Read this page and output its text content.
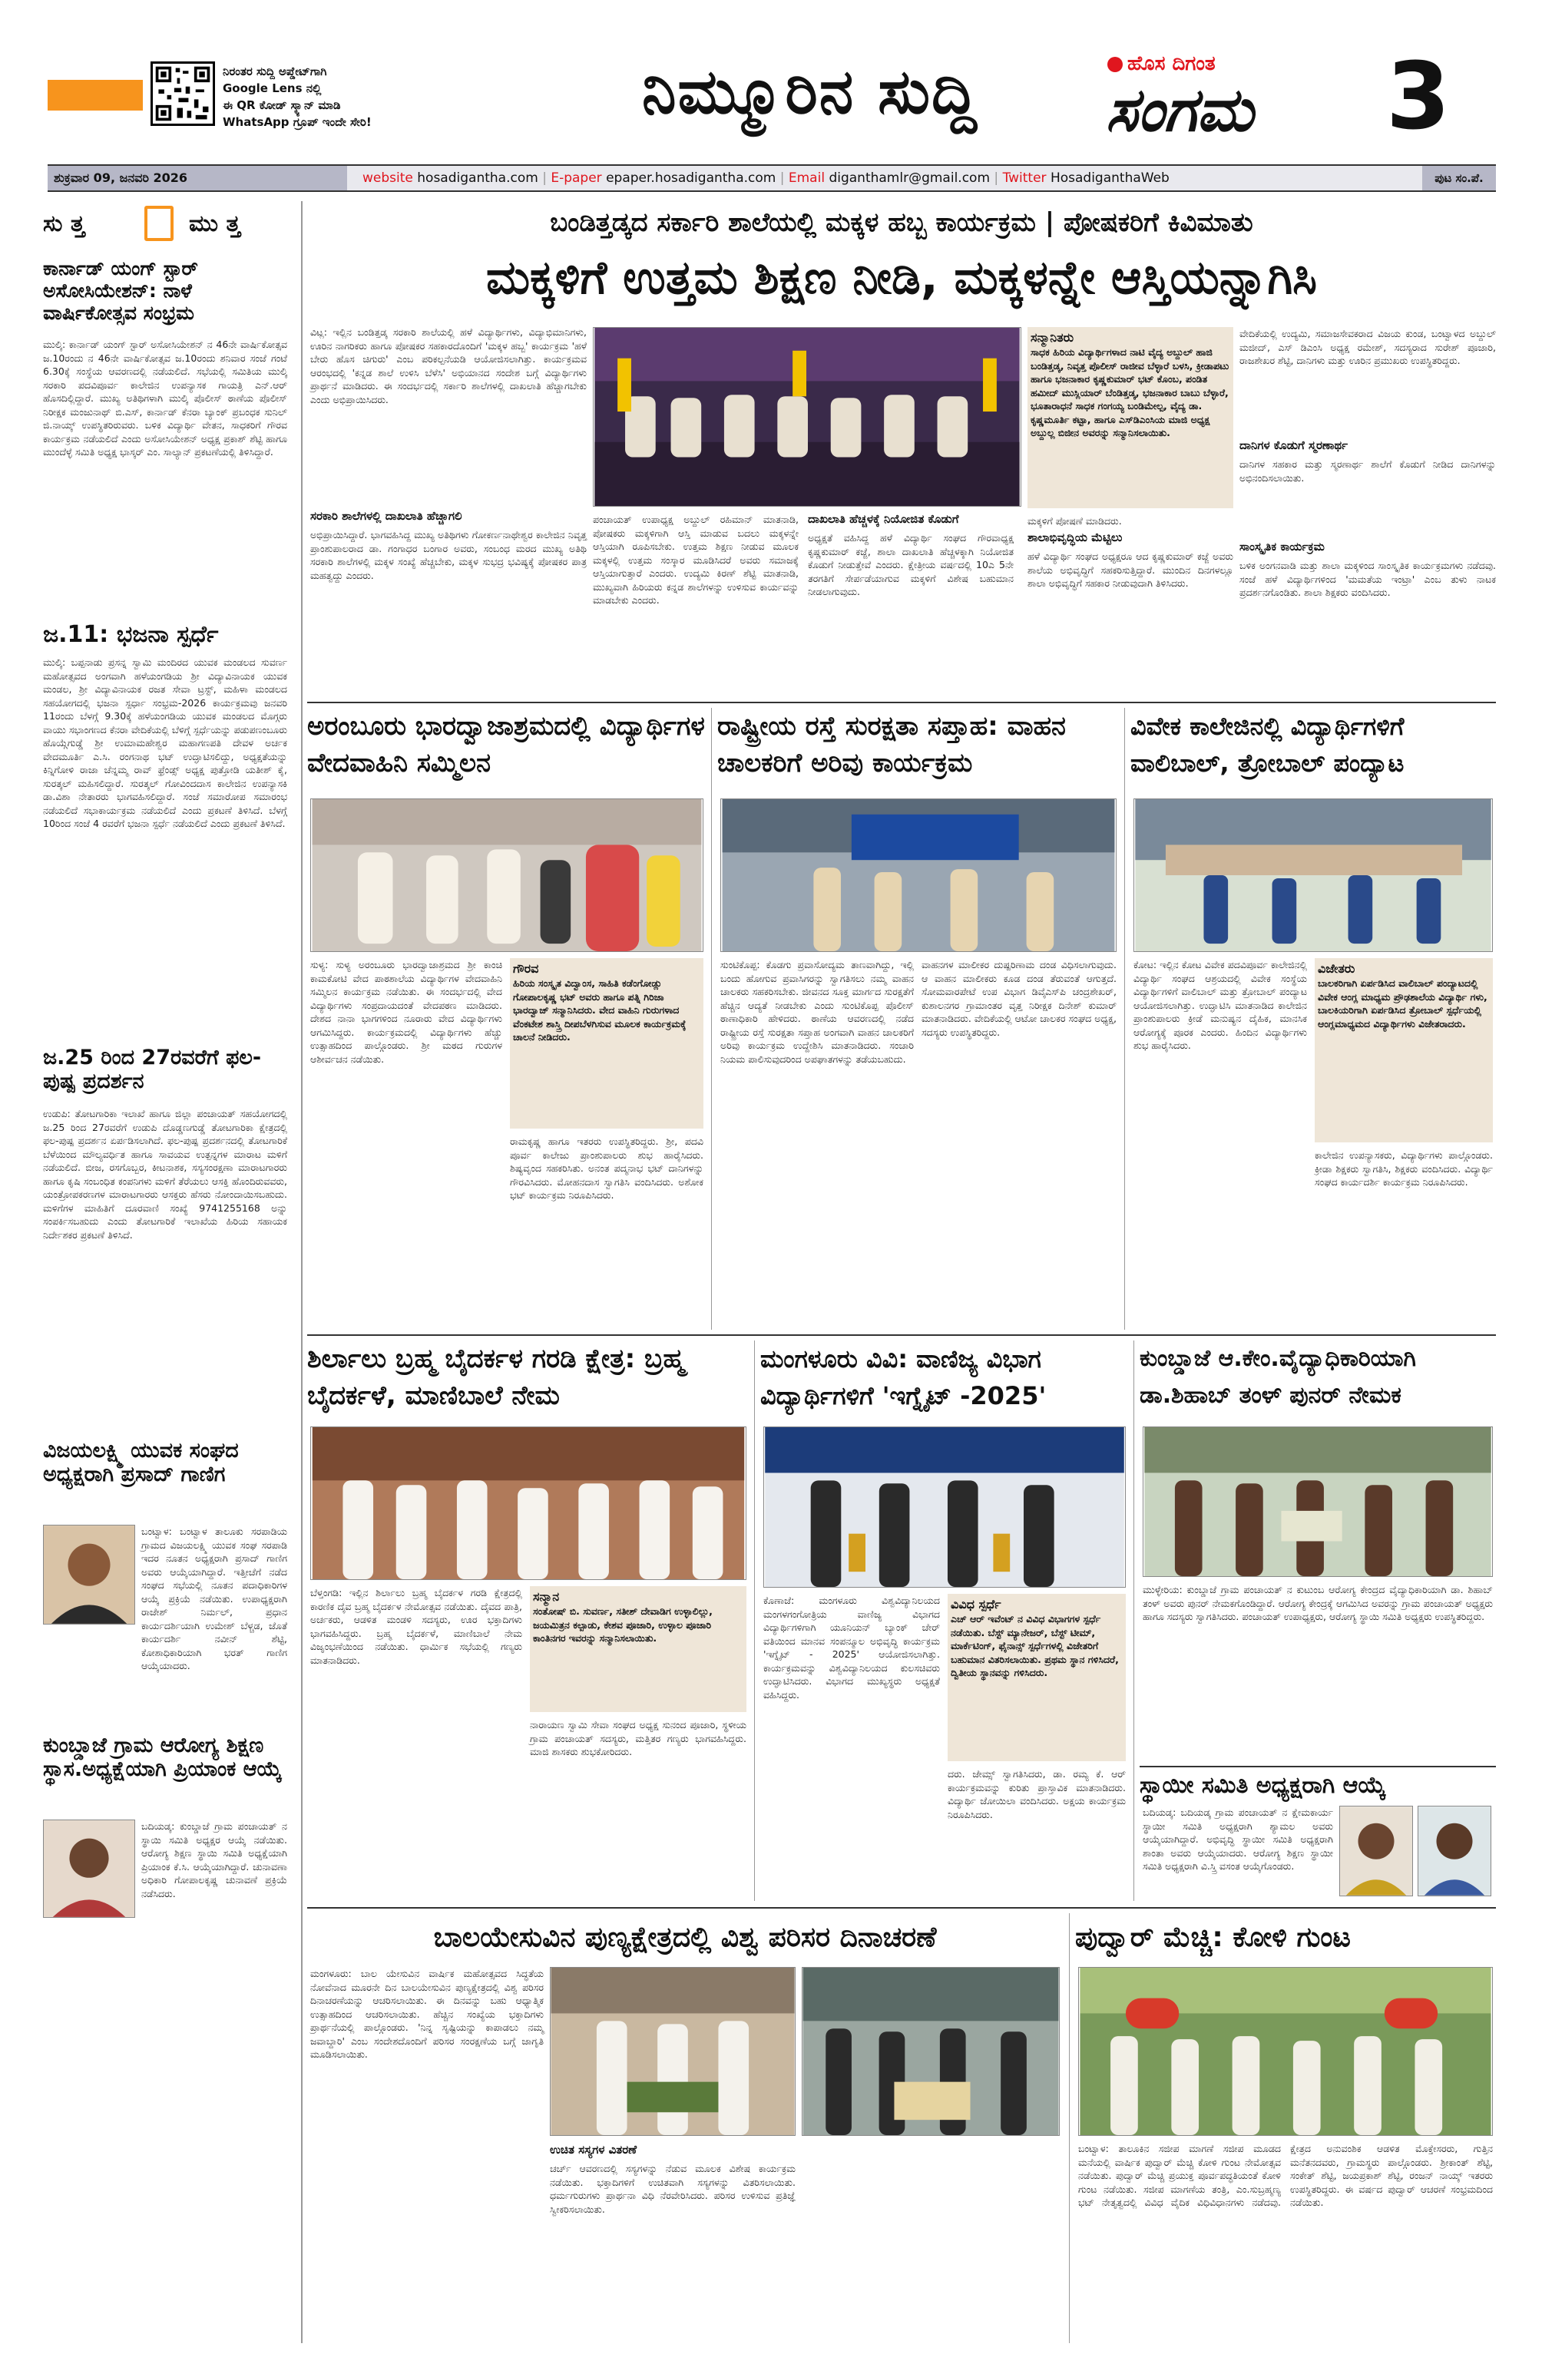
ನಿರಂತರ ಸುದ್ದಿ ಅಪ್ಡೇಟ್‌ಗಾಗಿ
Google Lens ನಲ್ಲಿ
ಈ QR ಕೋಡ್ ಸ್ಕ್ಯಾನ್ ಮಾಡಿ
WhatsApp ಗ್ರೂಪ್ ಇಂದೇ ಸೇರಿ!	ನಿಮ್ಮೂರಿನ ಸುದ್ದಿ	ಹೊಸ ದಿಗಂತ
ಸಂಗಮ 3
ಶುಕ್ರವಾರ 09, ಜನವರಿ 2026	website hosadigantha.com | E-paper epaper.hosadigantha.com | Email diganthamlr@gmail.com | Twitter HosadiganthaWeb	ಪುಟ ಸಂ.ಪೆ.
ಸು ತ್ತ	ಮು ತ್ತ
ಕಾರ್ನಾಡ್ ಯಂಗ್ ಸ್ಟಾರ್ ಅಸೋಸಿಯೇಶನ್: ನಾಳೆ ವಾರ್ಷಿಕೋತ್ಸವ ಸಂಭ್ರಮ
ಮುಲ್ಕಿ: ಕಾರ್ನಾಡ್ ಯಂಗ್ ಸ್ಟಾರ್ ಅಸೋಸಿಯೇಶನ್ ನ 46ನೇ ವಾರ್ಷಿಕೋತ್ಸವ ಜ.10ರಂದು ನ 46ನೇ ವಾರ್ಷಿಕೋತ್ಸವ ಜ.10ರಂದು ಶನಿವಾರ ಸಂಜೆ ಗಂಟೆ 6.30ಕ್ಕೆ ಸಂಸ್ಥೆಯ ಆವರಣದಲ್ಲಿ ನಡೆಯಲಿದೆ. ಸಭೆಯಲ್ಲಿ ಸಮಿತಿಯ ಮುಲ್ಕಿ ಸರಕಾರಿ ಪದವಿಪೂರ್ವ ಕಾಲೇಜಿನ ಉಪನ್ಯಾಸಕ ಗಾಯತ್ರಿ ಎನ್.ಆರ್ ಹೊಸದಿಲ್ಲಿದ್ದಾರೆ. ಮುಖ್ಯ ಅತಿಥಿಗಳಾಗಿ ಮುಲ್ಕಿ ಪೊಲೀಸ್ ಠಾಣೆಯ ಪೊಲೀಸ್ ನಿರೀಕ್ಷಕ ಮಂಜುನಾಥ್ ಬಿ.ಎಸ್, ಕಾರ್ನಾಡ್ ಕೆನರಾ ಬ್ಯಾಂಕ್ ಪ್ರಬಂಧಕ ಸುನಿಲ್ ಜಿ.ನಾಯ್ಕ್ ಉಪಸ್ಥಿತರಿರುವರು. ಬಳಿಕ ವಿದ್ಯಾರ್ಥಿ ವೇತನ, ಸಾಧಕರಿಗೆ ಗೌರವ ಕಾರ್ಯಕ್ರಮ ನಡೆಯಲಿದೆ ಎಂದು ಅಸೋಸಿಯೇಶನ್ ಅಧ್ಯಕ್ಷ ಪ್ರಕಾಶ್ ಶೆಟ್ಟಿ ಹಾಗೂ ಮುಂದೆಳ್ಳೆ ಸಮಿತಿ ಅಧ್ಯಕ್ಷ ಭಾಸ್ಕರ್ ಎಂ. ಸಾಲ್ಯಾನ್ ಪ್ರಕಟಣೆಯಲ್ಲಿ ತಿಳಿಸಿದ್ದಾರೆ.
ಜ.11: ಭಜನಾ ಸ್ಪರ್ಧೆ
ಮುಲ್ಕಿ: ಬಪ್ಪನಾಡು ಪ್ರಸನ್ನ ಸ್ವಾಮಿ ಮಂದಿರದ ಯುವಕ ಮಂಡಲದ ಸುವರ್ಣ ಮಹೋತ್ಸವದ ಅಂಗವಾಗಿ ಹಳೆಯಂಗಡಿಯ ಶ್ರೀ ವಿದ್ಯಾವಿನಾಯಕ ಯುವಕ ಮಂಡಲ, ಶ್ರೀ ವಿದ್ಯಾವಿನಾಯಕ ರಜತ ಸೇವಾ ಟ್ರಸ್ಟ್, ಮಹಿಳಾ ಮಂಡಲದ ಸಹಯೋಗದಲ್ಲಿ ಭಜನಾ ಸ್ಪರ್ಧಾ ಸಂಭ್ರಮ-2026 ಕಾರ್ಯಕ್ರಮವು ಜನವರಿ 11ರಂದು ಬೆಳಗ್ಗೆ 9.30ಕ್ಕೆ ಹಳೆಯಂಗಡಿಯ ಯುವಕ ಮಂಡಲದ ಮೊಗ್ಗರು ವಾಯು ಸಭಾಂಗಣದ ಕೆನರಾ ವೇದಿಕೆಯಲ್ಲಿ ಬೆಳಿಗ್ಗೆ ಸ್ಪರ್ಧೆಯನ್ನು ಪಡುಪಣಂಬೂರು ಹೊಯ್ಗೆಗುಡ್ಡೆ ಶ್ರೀ ಉಮಾಮಹೇಶ್ವರ ಮಹಾಗಣಪತಿ ದೇವಳ ಅರ್ಚಕ ವೇದಮೂರ್ತಿ ಎ.ಸಿ. ರಂಗನಾಥ ಭಟ್ ಉದ್ಘಾಟಿಸಲಿದ್ದು, ಅಧ್ಯಕ್ಷತೆಯನ್ನು ಕಿನ್ನಿಗೋಳಿ ರಾಜಾ ಚೆನ್ನಮ್ಮ ರಾವ್ ಫ್ರೆಂಡ್ಸ್ ಅಧ್ಯಕ್ಷ ಪುತ್ತೋಡಿ ಯತೀಶ್ ಕೈ, ಸುರತ್ಕಲ್ ಮಹಿಸಲಿದ್ದಾರೆ. ಸುರತ್ಕಲ್ ಗೋವಿಂದದಾಸ ಕಾಲೇಜಿನ ಉಪನ್ಯಾಸಕಿ ಡಾ.ವಿಶಾ ನೇತಾರರು ಭಾಗವಹಿಸಲಿದ್ದಾರೆ. ಸಂಜೆ ಸಮಾರೋಪ ಸಮಾರಂಭ ನಡೆಯಲಿದೆ ಸಭಾಕಾರ್ಯಕ್ರಮ ನಡೆಯಲಿದೆ ಎಂದು ಪ್ರಕಟಣೆ ತಿಳಿಸಿದೆ. ಬೆಳಗ್ಗೆ 10ರಿಂದ ಸಂಜೆ 4 ರವರೆಗೆ ಭಜನಾ ಸ್ಪರ್ಧೆ ನಡೆಯಲಿದೆ ಎಂದು ಪ್ರಕಟಣೆ ತಿಳಿಸಿದೆ.
ಜ.25 ರಿಂದ 27ರವರೆಗೆ ಫಲ-ಪುಷ್ಪ ಪ್ರದರ್ಶನ
ಉಡುಪಿ: ತೋಟಗಾರಿಕಾ ಇಲಾಖೆ ಹಾಗೂ ಜಿಲ್ಲಾ ಪಂಚಾಯತ್ ಸಹಯೋಗದಲ್ಲಿ ಜ.25 ರಿಂದ 27ರವರೆಗೆ ಉಡುಪಿ ದೊಡ್ಡಣಗುಡ್ಡೆ ತೋಟಗಾರಿಕಾ ಕ್ಷೇತ್ರದಲ್ಲಿ ಫಲ-ಪುಷ್ಪ ಪ್ರದರ್ಶನ ಏರ್ಪಡಿಸಲಾಗಿದೆ. ಫಲ-ಪುಷ್ಪ ಪ್ರದರ್ಶನದಲ್ಲಿ ತೋಟಗಾರಿಕೆ ಬೆಳೆಯಿಂದ ಮೌಲ್ಯವರ್ಧಿತ ಹಾಗೂ ಸಾವಯವ ಉತ್ಪನ್ನಗಳ ಮಾರಾಟ ಮಳಿಗೆ ನಡೆಯಲಿದೆ. ಬೀಜ, ರಸಗೊಬ್ಬರ, ಕೀಟನಾಶಕ, ಸಸ್ಯಸಂರಕ್ಷಣಾ ಮಾರಾಟಗಾರರು ಹಾಗೂ ಕೃಷಿ ಸಂಬಂಧಿತ ಕಂಪನಿಗಳು ಮಳಿಗೆ ತೆರೆಯಲು ಆಸಕ್ತಿ ಹೊಂದಿರುವವರು, ಯಂತ್ರೋಪಕರಣಗಳ ಮಾರಾಟಗಾರರು ಆಸಕ್ತರು ಹೆಸರು ನೋಂದಾಯಿಸಬಹುದು. ಮಳಿಗೆಗಳ ಮಾಹಿತಿಗೆ ದೂರವಾಣಿ ಸಂಖ್ಯೆ 9741255168 ಅನ್ನು ಸಂಪರ್ಕಿಸಬಹುದು ಎಂದು ತೋಟಗಾರಿಕೆ ಇಲಾಖೆಯ ಹಿರಿಯ ಸಹಾಯಕ ನಿರ್ದೇಶಕರ ಪ್ರಕಟಣೆ ತಿಳಿಸಿದೆ.
ವಿಜಯಲಕ್ಷ್ಮಿ ಯುವಕ ಸಂಘದ ಅಧ್ಯಕ್ಷರಾಗಿ ಪ್ರಸಾದ್ ಗಾಣಿಗ
ಬಂಟ್ವಾಳ: ಬಂಟ್ವಾಳ ತಾಲೂಕು ಸರಪಾಡಿಯ ಗ್ರಾಮದ ವಿಜಯಲಕ್ಷ್ಮಿ ಯುವಕ ಸಂಘ ಸರಪಾಡಿ ಇದರ ನೂತನ ಅಧ್ಯಕ್ಷರಾಗಿ ಪ್ರಸಾದ್ ಗಾಣಿಗ ಅವರು ಆಯ್ಕೆಯಾಗಿದ್ದಾರೆ. ಇತ್ತೀಚೆಗೆ ನಡೆದ ಸಂಘದ ಸಭೆಯಲ್ಲಿ ನೂತನ ಪದಾಧಿಕಾರಿಗಳ ಆಯ್ಕೆ ಪ್ರಕ್ರಿಯೆ ನಡೆಯಿತು. ಉಪಾಧ್ಯಕ್ಷರಾಗಿ ರಾಜೇಶ್ ನಿರ್ಮಲ್, ಪ್ರಧಾನ ಕಾರ್ಯದರ್ಶಿಯಾಗಿ ಉಮೇಶ್ ಬೆಳ್ಚಡ, ಜೊತೆ ಕಾರ್ಯದರ್ಶಿ ನವೀನ್ ಶೆಟ್ಟಿ, ಕೋಶಾಧಿಕಾರಿಯಾಗಿ ಭರತ್ ಗಾಣಿಗ ಆಯ್ಕೆಯಾದರು.
ಕುಂಬ್ಡಾಜೆ ಗ್ರಾಮ ಆರೋಗ್ಯ ಶಿಕ್ಷಣ ಸ್ಥಾಸ.ಅಧ್ಯಕ್ಷೆಯಾಗಿ ಪ್ರಿಯಾಂಕ ಆಯ್ಕೆ
ಬದಿಯಡ್ಕ: ಕುಂಬ್ಡಾಜೆ ಗ್ರಾಮ ಪಂಚಾಯತ್ ನ ಸ್ಥಾಯಿ ಸಮಿತಿ ಅಧ್ಯಕ್ಷರ ಆಯ್ಕೆ ನಡೆಯಿತು. ಆರೋಗ್ಯ ಶಿಕ್ಷಣ ಸ್ಥಾಯಿ ಸಮಿತಿ ಅಧ್ಯಕ್ಷೆಯಾಗಿ ಪ್ರಿಯಾಂಕ ಕೆ.ಸಿ. ಆಯ್ಕೆಯಾಗಿದ್ದಾರೆ. ಚುನಾವಣಾ ಅಧಿಕಾರಿ ಗೋಪಾಲಕೃಷ್ಣ ಚುನಾವಣೆ ಪ್ರಕ್ರಿಯೆ ನಡೆಸಿದರು.
ಬಂಡಿತ್ತಡ್ಕದ ಸರ್ಕಾರಿ ಶಾಲೆಯಲ್ಲಿ ಮಕ್ಕಳ ಹಬ್ಬ ಕಾರ್ಯಕ್ರಮ | ಪೋಷಕರಿಗೆ ಕಿವಿಮಾತು
ಮಕ್ಕಳಿಗೆ ಉತ್ತಮ ಶಿಕ್ಷಣ ನೀಡಿ, ಮಕ್ಕಳನ್ನೇ ಆಸ್ತಿಯನ್ನಾಗಿಸಿ
ವಿಟ್ಲ: ಇಲ್ಲಿನ ಬಂಡಿತ್ತಡ್ಕ ಸರಕಾರಿ ಶಾಲೆಯಲ್ಲಿ ಹಳೆ ವಿದ್ಯಾರ್ಥಿಗಳು, ವಿದ್ಯಾಭಿಮಾನಿಗಳು, ಊರಿನ ನಾಗರಿಕರು ಹಾಗೂ ಪೋಷಕರ ಸಹಕಾರದೊಂದಿಗೆ 'ಮಕ್ಕಳ ಹಬ್ಬ' ಕಾರ್ಯಕ್ರಮ 'ಹಳೆ ಬೇರು ಹೊಸ ಚಿಗುರು' ಎಂಬ ಪರಿಕಲ್ಪನೆಯಡಿ ಆಯೋಜಿಸಲಾಗಿತ್ತು. ಕಾರ್ಯಕ್ರಮವ ಆರಂಭದಲ್ಲಿ 'ಕನ್ನಡ ಶಾಲೆ ಉಳಿಸಿ ಬೆಳೆಸಿ' ಅಭಿಯಾನದ ಸಂದೇಶ ಬಗ್ಗೆ ವಿದ್ಯಾರ್ಥಿಗಳು ಪ್ರಾರ್ಥನೆ ಮಾಡಿದರು. ಈ ಸಂದರ್ಭದಲ್ಲಿ ಸರ್ಕಾರಿ ಶಾಲೆಗಳಲ್ಲಿ ದಾಖಲಾತಿ ಹೆಚ್ಚಾಗಬೇಕು ಎಂದು ಅಭಿಪ್ರಾಯಿಸಿದರು.
ಸರಕಾರಿ ಶಾಲೆಗಳಲ್ಲಿ ದಾಖಲಾತಿ ಹೆಚ್ಚಾಗಲಿ
ಅಭಿಪ್ರಾಯಿಸಿದ್ದಾರೆ. ಭಾಗವಹಿಸಿದ್ದ ಮುಖ್ಯ ಅತಿಥಿಗಳು ಗೋಕರ್ಣನಾಥೇಶ್ವರ ಕಾಲೇಜಿನ ನಿವೃತ್ತ ಪ್ರಾಂಶುಪಾಲರಾದ ಡಾ. ಗಂಗಾಧರ ಬಂಗಾರ ಅವರು, ಸಂಬಂಧ ಮರದ ಮುಖ್ಯ ಅತಿಥಿ ಸರಕಾರಿ ಶಾಲೆಗಳಲ್ಲಿ ಮಕ್ಕಳ ಸಂಖ್ಯೆ ಹೆಚ್ಚಬೇಕು, ಮಕ್ಕಳ ಸುಭದ್ರ ಭವಿಷ್ಯಕ್ಕೆ ಪೋಷಕರ ಪಾತ್ರ ಮಹತ್ವದ್ದು ಎಂದರು.
ಪಂಚಾಯತ್ ಉಪಾಧ್ಯಕ್ಷ ಅಬ್ದುಲ್ ರಹಿಮಾನ್ ಮಾತನಾಡಿ, ಪೋಷಕರು ಮಕ್ಕಳಿಗಾಗಿ ಆಸ್ತಿ ಮಾಡುವ ಬದಲು ಮಕ್ಕಳನ್ನೇ ಆಸ್ತಿಯಾಗಿ ರೂಪಿಸಬೇಕು. ಉತ್ತಮ ಶಿಕ್ಷಣ ನೀಡುವ ಮೂಲಕ ಮಕ್ಕಳಲ್ಲಿ ಉತ್ತಮ ಸಂಸ್ಕಾರ ಮೂಡಿಸಿದರೆ ಅವರು ಸಮಾಜಕ್ಕೆ ಆಸ್ತಿಯಾಗುತ್ತಾರೆ ಎಂದರು. ಉದ್ಯಮಿ ಕಿರಣ್ ಶೆಟ್ಟಿ ಮಾತನಾಡಿ, ಮುಖ್ಯವಾಗಿ ಹಿರಿಯರು ಕನ್ನಡ ಶಾಲೆಗಳನ್ನು ಉಳಿಸುವ ಕಾರ್ಯವನ್ನು ಮಾಡಬೇಕು ಎಂದರು.
ದಾಖಲಾತಿ ಹೆಚ್ಚಳಕ್ಕೆ ನಿಯೋಜಿತ ಕೊಡುಗೆ
ಅಧ್ಯಕ್ಷತೆ ವಹಿಸಿದ್ದ ಹಳೆ ವಿದ್ಯಾರ್ಥಿ ಸಂಘದ ಗೌರವಾಧ್ಯಕ್ಷ ಕೃಷ್ಣಕುಮಾರ್ ಕಜ್ಜೆ, ಶಾಲಾ ದಾಖಲಾತಿ ಹೆಚ್ಚಳಕ್ಕಾಗಿ ನಿಯೋಜಿತ ಕೊಡುಗೆ ನೀಡುತ್ತೇವೆ ಎಂದರು. ಕ್ಷೇತ್ರೀಯ ವರ್ಷದಲ್ಲಿ 10ಎ 5ನೇ ತರಗತಿಗೆ ಸೇರ್ಪಡೆಯಾಗುವ ಮಕ್ಕಳಿಗೆ ವಿಶೇಷ ಬಹುಮಾನ ನೀಡಲಾಗುವುದು.
ಸನ್ಮಾನಿತರು
ಸಾಧಕ ಹಿರಿಯ ವಿದ್ಯಾರ್ಥಿಗಳಾದ ನಾಟಿ ವೈದ್ಯ ಅಬ್ದುಲ್ ಹಾಜಿ ಬಂಡಿತ್ತಡ್ಕ, ನಿವೃತ್ತ ಪೊಲೀಸ್ ರಾಜೀವ ಬೆಳ್ಳಾರೆ ಬಳಸಿ, ಕ್ರೀಡಾಪಟು ಹಾಗೂ ಭಜನಾಕಾರ ಕೃಷ್ಣಕುಮಾರ್ ಭಟ್ ಕೊಂಬ, ಪಂಡಿತ ಹಮೀದ್ ಮುಸ್ಲಿಯಾರ್ ಬೆಂಡಿತ್ತಡ್ಕ, ಭಜನಾಕಾರ ಬಾಬು ಬೆಳ್ಳಾರೆ, ಭೂತಾರಾಧನೆ ಸಾಧಕ ಗಂಗಯ್ಯ ಬಂಡಿಮೇಲ್ಪ, ವೈದ್ಯ ಡಾ. ಕೃಷ್ಣಮೂರ್ತಿ ಕಟ್ಟಾ, ಹಾಗೂ ಎಸ್‌ಡಿಎಂಸಿಯ ಮಾಜಿ ಅಧ್ಯಕ್ಷ ಅಬ್ದುಲ್ಲ ಬಿಜೀನ ಅವರನ್ನು ಸನ್ಮಾನಿಸಲಾಯಿತು.
ಮಕ್ಕಳಿಗೆ ಪೋಷಣೆ ಮಾಡಿದರು.
ಶಾಲಾಭಿವೃದ್ಧಿಯ ಮೆಟ್ಟಿಲು
ಹಳೆ ವಿದ್ಯಾರ್ಥಿ ಸಂಘದ ಅಧ್ಯಕ್ಷರೂ ಆದ ಕೃಷ್ಣಕುಮಾರ್ ಕಜ್ಜೆ ಅವರು ಶಾಲೆಯ ಅಭಿವೃದ್ಧಿಗೆ ಸಹಕರಿಸುತ್ತಿದ್ದಾರೆ. ಮುಂದಿನ ದಿನಗಳಲ್ಲೂ ಶಾಲಾ ಅಭಿವೃದ್ಧಿಗೆ ಸಹಕಾರ ನೀಡುವುದಾಗಿ ತಿಳಿಸಿದರು.
ವೇದಿಕೆಯಲ್ಲಿ ಉದ್ಯಮಿ, ಸಮಾಜಸೇವಕರಾದ ವಿಜಯ ಕುಂಡ, ಬಂಟ್ವಾಳದ ಅಬ್ದುಲ್ ಮಜೀದ್, ಎಸ್ ಡಿಎಂಸಿ ಅಧ್ಯಕ್ಷ ರಮೇಶ್, ಸದಸ್ಯರಾದ ಸುರೇಶ್ ಪೂಜಾರಿ, ರಾಜಶೇಖರ ಶೆಟ್ಟಿ, ದಾನಿಗಳು ಮತ್ತು ಊರಿನ ಪ್ರಮುಖರು ಉಪಸ್ಥಿತರಿದ್ದರು.
ದಾನಿಗಳ ಕೊಡುಗೆ ಸ್ಮರಣಾರ್ಥ
ದಾನಿಗಳ ಸಹಕಾರ ಮತ್ತು ಸ್ಮರಣಾರ್ಥ ಶಾಲೆಗೆ ಕೊಡುಗೆ ನೀಡಿದ ದಾನಿಗಳನ್ನು ಅಭಿನಂದಿಸಲಾಯಿತು.
ಸಾಂಸ್ಕೃತಿಕ ಕಾರ್ಯಕ್ರಮ
ಬಳಿಕ ಅಂಗನವಾಡಿ ಮತ್ತು ಶಾಲಾ ಮಕ್ಕಳಿಂದ ಸಾಂಸ್ಕೃತಿಕ ಕಾರ್ಯಕ್ರಮಗಳು ನಡೆದವು. ಸಂಜೆ ಹಳೆ ವಿದ್ಯಾರ್ಥಿಗಳಿಂದ 'ಮಮತೆಯ ಇಂಟ್ರಾ' ಎಂಬ ತುಳು ನಾಟಕ ಪ್ರದರ್ಶನಗೊಂಡಿತು. ಶಾಲಾ ಶಿಕ್ಷಕರು ವಂದಿಸಿದರು.
ಅರಂಬೂರು ಭಾರದ್ವಾಜಾಶ್ರಮದಲ್ಲಿ ವಿದ್ಯಾರ್ಥಿಗಳ ವೇದವಾಹಿನಿ ಸಮ್ಮಿಲನ
ಸುಳ್ಯ: ಸುಳ್ಯ ಅರಂಬೂರು ಭಾರದ್ವಾಜಾಶ್ರಮದ ಶ್ರೀ ಕಾಂಚಿ ಕಾಮಕೋಟಿ ವೇದ ಪಾಠಶಾಲೆಯ ವಿದ್ಯಾರ್ಥಿಗಳ ವೇದವಾಹಿನಿ ಸಮ್ಮಿಲನ ಕಾರ್ಯಕ್ರಮ ನಡೆಯಿತು. ಈ ಸಂದರ್ಭದಲ್ಲಿ ವೇದ ವಿದ್ಯಾರ್ಥಿಗಳು ಸಂಪ್ರದಾಯದಂತೆ ವೇದಪಠಣ ಮಾಡಿದರು. ದೇಶದ ನಾನಾ ಭಾಗಗಳಿಂದ ನೂರಾರು ವೇದ ವಿದ್ಯಾರ್ಥಿಗಳು ಆಗಮಿಸಿದ್ದರು. ಕಾರ್ಯಕ್ರಮದಲ್ಲಿ ವಿದ್ಯಾರ್ಥಿಗಳು ಹೆಚ್ಚು ಉತ್ಸಾಹದಿಂದ ಪಾಲ್ಗೊಂಡರು. ಶ್ರೀ ಮಠದ ಗುರುಗಳ ಆಶೀರ್ವಚನ ನಡೆಯಿತು.
ಗೌರವ
ಹಿರಿಯ ಸಂಸ್ಕೃತ ವಿದ್ವಾಂಸ, ಸಾಹಿತಿ ಕಡೆಂಗೋಡ್ಲು ಗೋಪಾಲಕೃಷ್ಣ ಭಟ್ ಅವರು ಹಾಗೂ ಪತ್ನಿ ಗಿರಿಜಾ ಭಾರದ್ವಾಜ್ ಸನ್ಮಾನಿಸಿದರು. ವೇದ ವಾಹಿನಿ ಗುರುಗಳಾದ ವೆಂಕಟೇಶ ಶಾಸ್ತ್ರಿ ದೀಪಬೆಳಗಿಸುವ ಮೂಲಕ ಕಾರ್ಯಕ್ರಮಕ್ಕೆ ಚಾಲನೆ ನೀಡಿದರು.
ರಾಮಕೃಷ್ಣ ಹಾಗೂ ಇತರರು ಉಪಸ್ಥಿತರಿದ್ದರು. ಶ್ರೀ, ಪದವಿ ಪೂರ್ವ ಕಾಲೇಜು ಪ್ರಾಂಶುಪಾಲರು ಶುಭ ಹಾರೈಸಿದರು. ಶಿಷ್ಯವೃಂದ ಸಹಕರಿಸಿತು. ಅನಂತ ಪದ್ಮನಾಭ ಭಟ್ ದಾನಿಗಳನ್ನು ಗೌರವಿಸಿದರು. ಮೋಹನದಾಸ ಸ್ವಾಗತಿಸಿ ವಂದಿಸಿದರು. ಅಶೋಕ ಭಟ್ ಕಾರ್ಯಕ್ರಮ ನಿರೂಪಿಸಿದರು.
ರಾಷ್ಟ್ರೀಯ ರಸ್ತೆ ಸುರಕ್ಷತಾ ಸಪ್ತಾಹ: ವಾಹನ ಚಾಲಕರಿಗೆ ಅರಿವು ಕಾರ್ಯಕ್ರಮ
ಸುಂಟಿಕೊಪ್ಪ: ಕೊಡಗು ಪ್ರವಾಸೋದ್ಯಮ ತಾಣವಾಗಿದ್ದು, ಇಲ್ಲಿ ಬಂದು ಹೋಗುವ ಪ್ರವಾಸಿಗರನ್ನು ಸ್ವಾಗತಿಸಲು ನಮ್ಮ ವಾಹನ ಚಾಲಕರು ಸಹಕರಿಸಬೇಕು. ಜೀವನದ ಸೂಕ್ತ ಮಾರ್ಗದ ಸುರಕ್ಷತೆಗೆ ಹೆಚ್ಚಿನ ಆದ್ಯತೆ ನೀಡಬೇಕು ಎಂದು ಸುಂಟಿಕೊಪ್ಪ ಪೊಲೀಸ್ ಠಾಣಾಧಿಕಾರಿ ಹೇಳಿದರು. ಠಾಣೆಯ ಆವರಣದಲ್ಲಿ ನಡೆದ ರಾಷ್ಟ್ರೀಯ ರಸ್ತೆ ಸುರಕ್ಷತಾ ಸಪ್ತಾಹ ಅಂಗವಾಗಿ ವಾಹನ ಚಾಲಕರಿಗೆ ಅರಿವು ಕಾರ್ಯಕ್ರಮ ಉದ್ದೇಶಿಸಿ ಮಾತನಾಡಿದರು. ಸಂಚಾರಿ ನಿಯಮ ಪಾಲಿಸುವುದರಿಂದ ಅಪಘಾತಗಳನ್ನು ತಡೆಯಬಹುದು.
ವಾಹನಗಳ ಮಾಲೀಕರ ದುಷ್ಪರಿಣಾಮ ದಂಡ ವಿಧಿಸಲಾಗುವುದು. ಆ ವಾಹನ ಮಾಲೀಕರು ಕೂಡ ದಂಡ ತೆರುವಂತೆ ಆಗುತ್ತದೆ. ಸೋಮವಾರಪೇಟೆ ಉಪ ವಿಭಾಗ ಡಿವೈಎಸ್‌ಪಿ ಚಂದ್ರಶೇಖರ್, ಕುಶಾಲನಗರ ಗ್ರಾಮಾಂತರ ವೃತ್ತ ನಿರೀಕ್ಷಕ ದಿನೇಶ್ ಕುಮಾರ್ ಮಾತನಾಡಿದರು. ವೇದಿಕೆಯಲ್ಲಿ ಆಟೋ ಚಾಲಕರ ಸಂಘದ ಅಧ್ಯಕ್ಷ, ಸದಸ್ಯರು ಉಪಸ್ಥಿತರಿದ್ದರು.
ವಿವೇಕ ಕಾಲೇಜಿನಲ್ಲಿ ವಿದ್ಯಾರ್ಥಿಗಳಿಗೆ ವಾಲಿಬಾಲ್, ತ್ರೋಬಾಲ್ ಪಂದ್ಯಾಟ
ಕೋಟ: ಇಲ್ಲಿನ ಕೋಟ ವಿವೇಕ ಪದವಿಪೂರ್ವ ಕಾಲೇಜಿನಲ್ಲಿ ವಿದ್ಯಾರ್ಥಿ ಸಂಘದ ಆಶ್ರಯದಲ್ಲಿ ವಿವೇಕ ಸಂಸ್ಥೆಯ ವಿದ್ಯಾರ್ಥಿಗಳಿಗೆ ವಾಲಿಬಾಲ್ ಮತ್ತು ತ್ರೋಬಾಲ್ ಪಂದ್ಯಾಟ ಆಯೋಜಿಸಲಾಗಿತ್ತು. ಉದ್ಘಾಟಿಸಿ ಮಾತನಾಡಿದ ಕಾಲೇಜಿನ ಪ್ರಾಂಶುಪಾಲರು ಕ್ರೀಡೆ ಮನುಷ್ಯನ ದೈಹಿಕ, ಮಾನಸಿಕ ಆರೋಗ್ಯಕ್ಕೆ ಪೂರಕ ಎಂದರು. ಹಿಂದಿನ ವಿದ್ಯಾರ್ಥಿಗಳು ಶುಭ ಹಾರೈಸಿದರು.
ವಿಜೇತರು
ಬಾಲಕರಿಗಾಗಿ ಏರ್ಪಡಿಸಿದ ವಾಲಿಬಾಲ್ ಪಂದ್ಯಾಟದಲ್ಲಿ ವಿವೇಕ ಆಂಗ್ಲ ಮಾಧ್ಯಮ ಪ್ರೌಢಶಾಲೆಯ ವಿದ್ಯಾರ್ಥಿ ಗಳು, ಬಾಲಕಿಯರಿಗಾಗಿ ಏರ್ಪಡಿಸಿದ ತ್ರೋಬಾಲ್ ಸ್ಪರ್ಧೆಯಲ್ಲಿ ಆಂಗ್ಲಮಾಧ್ಯಮದ ವಿದ್ಯಾರ್ಥಿಗಳು ವಿಜೇತರಾದರು.
ಕಾಲೇಜಿನ ಉಪನ್ಯಾಸಕರು, ವಿದ್ಯಾರ್ಥಿಗಳು ಪಾಲ್ಗೊಂಡರು. ಕ್ರೀಡಾ ಶಿಕ್ಷಕರು ಸ್ವಾಗತಿಸಿ, ಶಿಕ್ಷಕರು ವಂದಿಸಿದರು. ವಿದ್ಯಾರ್ಥಿ ಸಂಘದ ಕಾರ್ಯದರ್ಶಿ ಕಾರ್ಯಕ್ರಮ ನಿರೂಪಿಸಿದರು.
ಶಿರ್ಲಾಲು ಬ್ರಹ್ಮ ಬೈದರ್ಕಳ ಗರಡಿ ಕ್ಷೇತ್ರ: ಬ್ರಹ್ಮ ಬೈದರ್ಕಳೆ, ಮಾಣಿಬಾಲೆ ನೇಮ
ಬೆಳ್ತಂಗಡಿ: ಇಲ್ಲಿನ ಶಿರ್ಲಾಲು ಬ್ರಹ್ಮ ಬೈದರ್ಕಳ ಗರಡಿ ಕ್ಷೇತ್ರದಲ್ಲಿ ಕಾರಣಿಕ ದೈವ ಬ್ರಹ್ಮ ಬೈದರ್ಕಳ ನೇಮೋತ್ಸವ ನಡೆಯಿತು. ದೈವದ ಪಾತ್ರಿ, ಅರ್ಚಕರು, ಆಡಳಿತ ಮಂಡಳಿ ಸದಸ್ಯರು, ಊರ ಭಕ್ತಾದಿಗಳು ಭಾಗವಹಿಸಿದ್ದರು. ಬ್ರಹ್ಮ ಬೈದರ್ಕಳೆ, ಮಾಣಿಬಾಲೆ ನೇಮ ವಿಜೃಂಭಣೆಯಿಂದ ನಡೆಯಿತು. ಧಾರ್ಮಿಕ ಸಭೆಯಲ್ಲಿ ಗಣ್ಯರು ಮಾತನಾಡಿದರು.
ಸನ್ಮಾನ
ಸಂತೋಷ್ ಬಿ. ಸುವರ್ಣ, ಸತೀಶ್ ದೇವಾಡಿಗ ಉಳ್ಳಾಲಿಲ್ಲು, ಜಯಮಿತ್ರನ ಕಲ್ಪಾಡು, ಕೇಶವ ಪೂಜಾರಿ, ಉಳ್ಳಾಲ ಪೂಜಾರಿ ಕಾಂತಿನಗರ ಇವರನ್ನು ಸನ್ಮಾನಿಸಲಾಯಿತು.
ನಾರಾಯಣ ಸ್ವಾಮಿ ಸೇವಾ ಸಂಘದ ಅಧ್ಯಕ್ಷ ಸುನಂದ ಪೂಜಾರಿ, ಸ್ಥಳೀಯ ಗ್ರಾಮ ಪಂಚಾಯತ್ ಸದಸ್ಯರು, ಮತ್ತಿತರ ಗಣ್ಯರು ಭಾಗವಹಿಸಿದ್ದರು. ಮಾಜಿ ಶಾಸಕರು ಶುಭಕೋರಿದರು.
ಮಂಗಳೂರು ವಿವಿ: ವಾಣಿಜ್ಯ ವಿಭಾಗ ವಿದ್ಯಾರ್ಥಿಗಳಿಗೆ 'ಇಗ್ನೈಟ್ -2025'
ಕೊಣಾಜೆ: ಮಂಗಳೂರು ವಿಶ್ವವಿದ್ಯಾನಿಲಯದ ಮಂಗಳಗಂಗೋತ್ರಿಯ ವಾಣಿಜ್ಯ ವಿಭಾಗದ ವಿದ್ಯಾರ್ಥಿಗಳಿಗಾಗಿ ಯೂನಿಯನ್ ಬ್ಯಾಂಕ್ ಚೇರ್ ವತಿಯಿಂದ ಮಾನವ ಸಂಪನ್ಮೂಲ ಅಭಿವೃದ್ಧಿ ಕಾರ್ಯಕ್ರಮ 'ಇಗ್ನೈಟ್ - 2025' ಆಯೋಜಿಸಲಾಗಿತ್ತು. ಕಾರ್ಯಕ್ರಮವನ್ನು ವಿಶ್ವವಿದ್ಯಾನಿಲಯದ ಕುಲಸಚಿವರು ಉದ್ಘಾಟಿಸಿದರು. ವಿಭಾಗದ ಮುಖ್ಯಸ್ಥರು ಅಧ್ಯಕ್ಷತೆ ವಹಿಸಿದ್ದರು.
ವಿವಿಧ ಸ್ಪರ್ಧೆ
ಎಚ್ ಆರ್ ಇವೆಂಟ್ ನ ವಿವಿಧ ವಿಭಾಗಗಳ ಸ್ಪರ್ಧೆ ನಡೆಯಿತು. ಬೆಸ್ಟ್ ಮ್ಯಾನೇಜರ್, ಬೆಸ್ಟ್ ಟೀಮ್, ಮಾರ್ಕೆಟಿಂಗ್, ಫೈನಾನ್ಸ್ ಸ್ಪರ್ಧೆಗಳಲ್ಲಿ ವಿಜೇತರಿಗೆ ಬಹುಮಾನ ವಿತರಿಸಲಾಯಿತು. ಪ್ರಥಮ ಸ್ಥಾನ ಗಳಿಸಿದರೆ, ದ್ವಿತೀಯ ಸ್ಥಾನವನ್ನು ಗಳಿಸಿದರು.
ದರು. ಜೇಮ್ಸ್ ಸ್ವಾಗತಿಸಿದರು, ಡಾ. ರಮ್ಯ ಕೆ. ಆರ್ ಕಾರ್ಯಕ್ರಮವನ್ನು ಕುರಿತು ಪ್ರಾಸ್ತಾವಿಕ ಮಾತನಾಡಿದರು. ವಿದ್ಯಾರ್ಥಿ ಜೋಯಿಲಾ ವಂದಿಸಿದರು. ಅಕ್ಷಯ ಕಾರ್ಯಕ್ರಮ ನಿರೂಪಿಸಿದರು.
ಕುಂಬ್ಡಾಜೆ ಆ.ಕೇಂ.ವೈದ್ಯಾಧಿಕಾರಿಯಾಗಿ ಡಾ.ಶಿಹಾಬ್ ತಂಳ್ ಪುನರ್ ನೇಮಕ
ಮುಳ್ಳೇರಿಯ: ಕುಂಬ್ಡಾಜೆ ಗ್ರಾಮ ಪಂಚಾಯತ್ ನ ಕುಟುಂಬ ಆರೋಗ್ಯ ಕೇಂದ್ರದ ವೈದ್ಯಾಧಿಕಾರಿಯಾಗಿ ಡಾ. ಶಿಹಾಬ್ ತಂಳ್ ಅವರು ಪುನರ್ ನೇಮಕಗೊಂಡಿದ್ದಾರೆ. ಆರೋಗ್ಯ ಕೇಂದ್ರಕ್ಕೆ ಆಗಮಿಸಿದ ಅವರನ್ನು ಗ್ರಾಮ ಪಂಚಾಯತ್ ಅಧ್ಯಕ್ಷರು ಹಾಗೂ ಸದಸ್ಯರು ಸ್ವಾಗತಿಸಿದರು. ಪಂಚಾಯತ್ ಉಪಾಧ್ಯಕ್ಷರು, ಆರೋಗ್ಯ ಸ್ಥಾಯಿ ಸಮಿತಿ ಅಧ್ಯಕ್ಷರು ಉಪಸ್ಥಿತರಿದ್ದರು.
ಸ್ಥಾಯೀ ಸಮಿತಿ ಅಧ್ಯಕ್ಷರಾಗಿ ಆಯ್ಕೆ
ಬದಿಯಡ್ಕ: ಬದಿಯಡ್ಕ ಗ್ರಾಮ ಪಂಚಾಯತ್ ನ ಕ್ಷೇಮಕಾರ್ಯ ಸ್ಥಾಯೀ ಸಮಿತಿ ಅಧ್ಯಕ್ಷರಾಗಿ ಶ್ಯಾಮಲ ಅವರು ಆಯ್ಕೆಯಾಗಿದ್ದಾರೆ. ಅಭಿವೃದ್ಧಿ ಸ್ಥಾಯೀ ಸಮಿತಿ ಅಧ್ಯಕ್ಷರಾಗಿ ಶಾಂತಾ ಅವರು ಆಯ್ಕೆಯಾದರು. ಆರೋಗ್ಯ ಶಿಕ್ಷಣ ಸ್ಥಾಯೀ ಸಮಿತಿ ಅಧ್ಯಕ್ಷರಾಗಿ ವಿ.ಸ್ತ್ರಿ ವಸಂತ ಆಯ್ಕೆಗೊಂಡರು.
ಬಾಲಯೇಸುವಿನ ಪುಣ್ಯಕ್ಷೇತ್ರದಲ್ಲಿ ವಿಶ್ವ ಪರಿಸರ ದಿನಾಚರಣೆ
ಮಂಗಳೂರು: ಬಾಲ ಯೇಸುವಿನ ವಾರ್ಷಿಕ ಮಹೋತ್ಸವದ ಸಿದ್ಧತೆಯ ನೋವೆನಾದ ಮೂರನೇ ದಿನ ಬಾಲಯೇಸುವಿನ ಪುಣ್ಯಕ್ಷೇತ್ರದಲ್ಲಿ ವಿಶ್ವ ಪರಿಸರ ದಿನಾಚರಣೆಯನ್ನು ಆಚರಿಸಲಾಯಿತು. ಈ ದಿನವನ್ನು ಬಹು ಆಧ್ಯಾತ್ಮಿಕ ಉತ್ಸಾಹದಿಂದ ಆಚರಿಸಲಾಯಿತು. ಹೆಚ್ಚಿನ ಸಂಖ್ಯೆಯ ಭಕ್ತಾದಿಗಳು ಪ್ರಾರ್ಥನೆಯಲ್ಲಿ ಪಾಲ್ಗೊಂಡರು. 'ನಿನ್ನ ಸೃಷ್ಟಿಯನ್ನು ಕಾಪಾಡಲು ನಮ್ಮ ಜವಾಬ್ದಾರಿ' ಎಂಬ ಸಂದೇಶದೊಂದಿಗೆ ಪರಿಸರ ಸಂರಕ್ಷಣೆಯ ಬಗ್ಗೆ ಜಾಗೃತಿ ಮೂಡಿಸಲಾಯಿತು.
ಉಚಿತ ಸಸ್ಯಗಳ ವಿತರಣೆ
ಚರ್ಚ್ ಆವರಣದಲ್ಲಿ ಸಸ್ಯಗಳನ್ನು ನೆಡುವ ಮೂಲಕ ವಿಶೇಷ ಕಾರ್ಯಕ್ರಮ ನಡೆಯಿತು. ಭಕ್ತಾದಿಗಳಿಗೆ ಉಚಿತವಾಗಿ ಸಸ್ಯಗಳನ್ನು ವಿತರಿಸಲಾಯಿತು. ಧರ್ಮಗುರುಗಳು ಪ್ರಾರ್ಥನಾ ವಿಧಿ ನೆರವೇರಿಸಿದರು. ಪರಿಸರ ಉಳಿಸುವ ಪ್ರತಿಜ್ಞೆ ಸ್ವೀಕರಿಸಲಾಯಿತು.
ಪುದ್ವಾರ್ ಮೆಚ್ಚಿ: ಕೋಳಿ ಗುಂಟ
ಬಂಟ್ವಾಳ: ತಾಲೂಕಿನ ಸಜೀಪ ಮಾಗಣೆ ಸಜೀಪ ಮೂಡದ ಮನೆಯಲ್ಲಿ ವಾರ್ಷಿಕ ಪುದ್ವಾರ್ ಮೆಚ್ಚಿ ಕೋಳಿ ಗುಂಟ ನೇಮೋತ್ಸವ ನಡೆಯಿತು. ಪುದ್ವಾರ್ ಮೆಚ್ಚಿ ಪ್ರಯುಕ್ತ ಪೂರ್ವಪದ್ಧತಿಯಂತೆ ಕೋಳಿ ಗುಂಟ ನಡೆಯಿತು. ಸಜೀಪ ಮಾಗಣೆಯ ತಂತ್ರಿ, ಎಂ.ಸುಬ್ರಹ್ಮಣ್ಯ ಭಟ್ ನೇತೃತ್ವದಲ್ಲಿ ವಿವಿಧ ವೈದಿಕ ವಿಧಿವಿಧಾನಗಳು ನಡೆದವು. ಕ್ಷೇತ್ರದ ಅನುವಂಶಿಕ ಆಡಳಿತ ಮೊಕ್ತೇಸರರು, ಗುತ್ತಿನ ಮನೆತನದವರು, ಗ್ರಾಮಸ್ಥರು ಪಾಲ್ಗೊಂಡರು. ಶ್ರೀಕಾಂತ್ ಶೆಟ್ಟಿ, ಸಂಕೇತ್ ಶೆಟ್ಟಿ, ಜಯಪ್ರಕಾಶ್ ಶೆಟ್ಟಿ, ರಂಜನ್ ನಾಯ್ಕ್ ಇತರರು ಉಪಸ್ಥಿತರಿದ್ದರು. ಈ ವರ್ಷದ ಪುದ್ವಾರ್ ಆಚರಣೆ ಸಂಭ್ರಮದಿಂದ ನಡೆಯಿತು.
